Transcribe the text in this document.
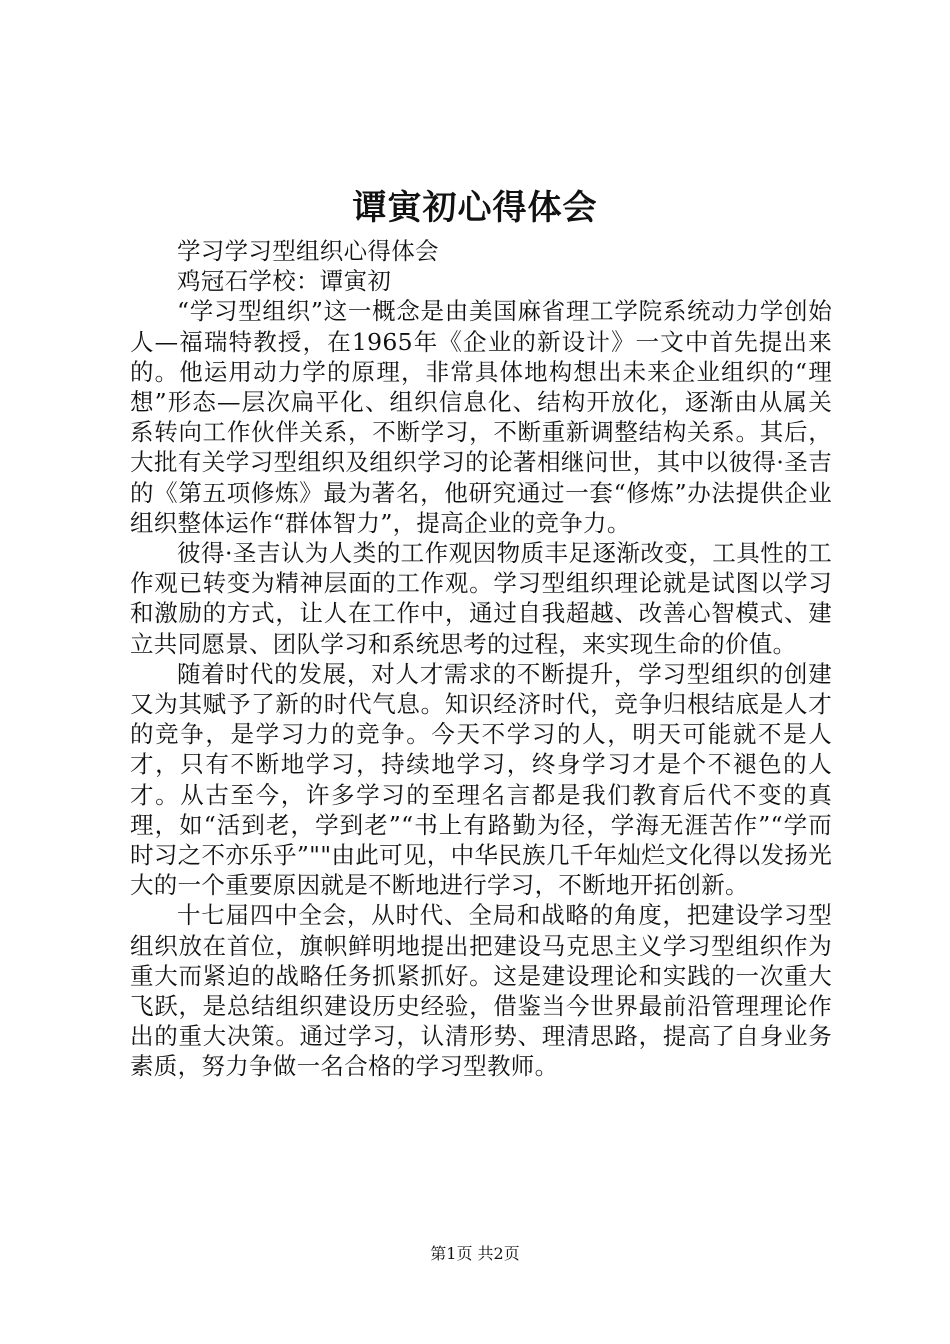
谭寅初心得体会

学习学习型组织心得体会

鸡冠石学校：谭寅初

“学习型组织”这一概念是由美国麻省理工学院系统动力学创始人—福瑞特教授，在1965年《企业的新设计》一文中首先提出来的。他运用动力学的原理，非常具体地构想出未来企业组织的“理想”形态—层次扁平化、组织信息化、结构开放化，逐渐由从属关系转向工作伙伴关系，不断学习，不断重新调整结构关系。其后，大批有关学习型组织及组织学习的论著相继问世，其中以彼得·圣吉的《第五项修炼》最为著名，他研究通过一套“修炼”办法提供企业组织整体运作“群体智力”，提高企业的竞争力。

彼得·圣吉认为人类的工作观因物质丰足逐渐改变，工具性的工作观已转变为精神层面的工作观。学习型组织理论就是试图以学习和激励的方式，让人在工作中，通过自我超越、改善心智模式、建立共同愿景、团队学习和系统思考的过程，来实现生命的价值。

随着时代的发展，对人才需求的不断提升，学习型组织的创建又为其赋予了新的时代气息。知识经济时代，竞争归根结底是人才的竞争，是学习力的竞争。今天不学习的人，明天可能就不是人才，只有不断地学习，持续地学习，终身学习才是个不褪色的人才。从古至今，许多学习的至理名言都是我们教育后代不变的真理，如“活到老，学到老”“书上有路勤为径，学海无涯苦作”“学而时习之不亦乐乎”""由此可见，中华民族几千年灿烂文化得以发扬光大的一个重要原因就是不断地进行学习，不断地开拓创新。

十七届四中全会，从时代、全局和战略的角度，把建设学习型组织放在首位，旗帜鲜明地提出把建设马克思主义学习型组织作为重大而紧迫的战略任务抓紧抓好。这是建设理论和实践的一次重大飞跃，是总结组织建设历史经验，借鉴当今世界最前沿管理理论作出的重大决策。通过学习，认清形势、理清思路，提高了自身业务素质，努力争做一名合格的学习型教师。

第1页 共2页
